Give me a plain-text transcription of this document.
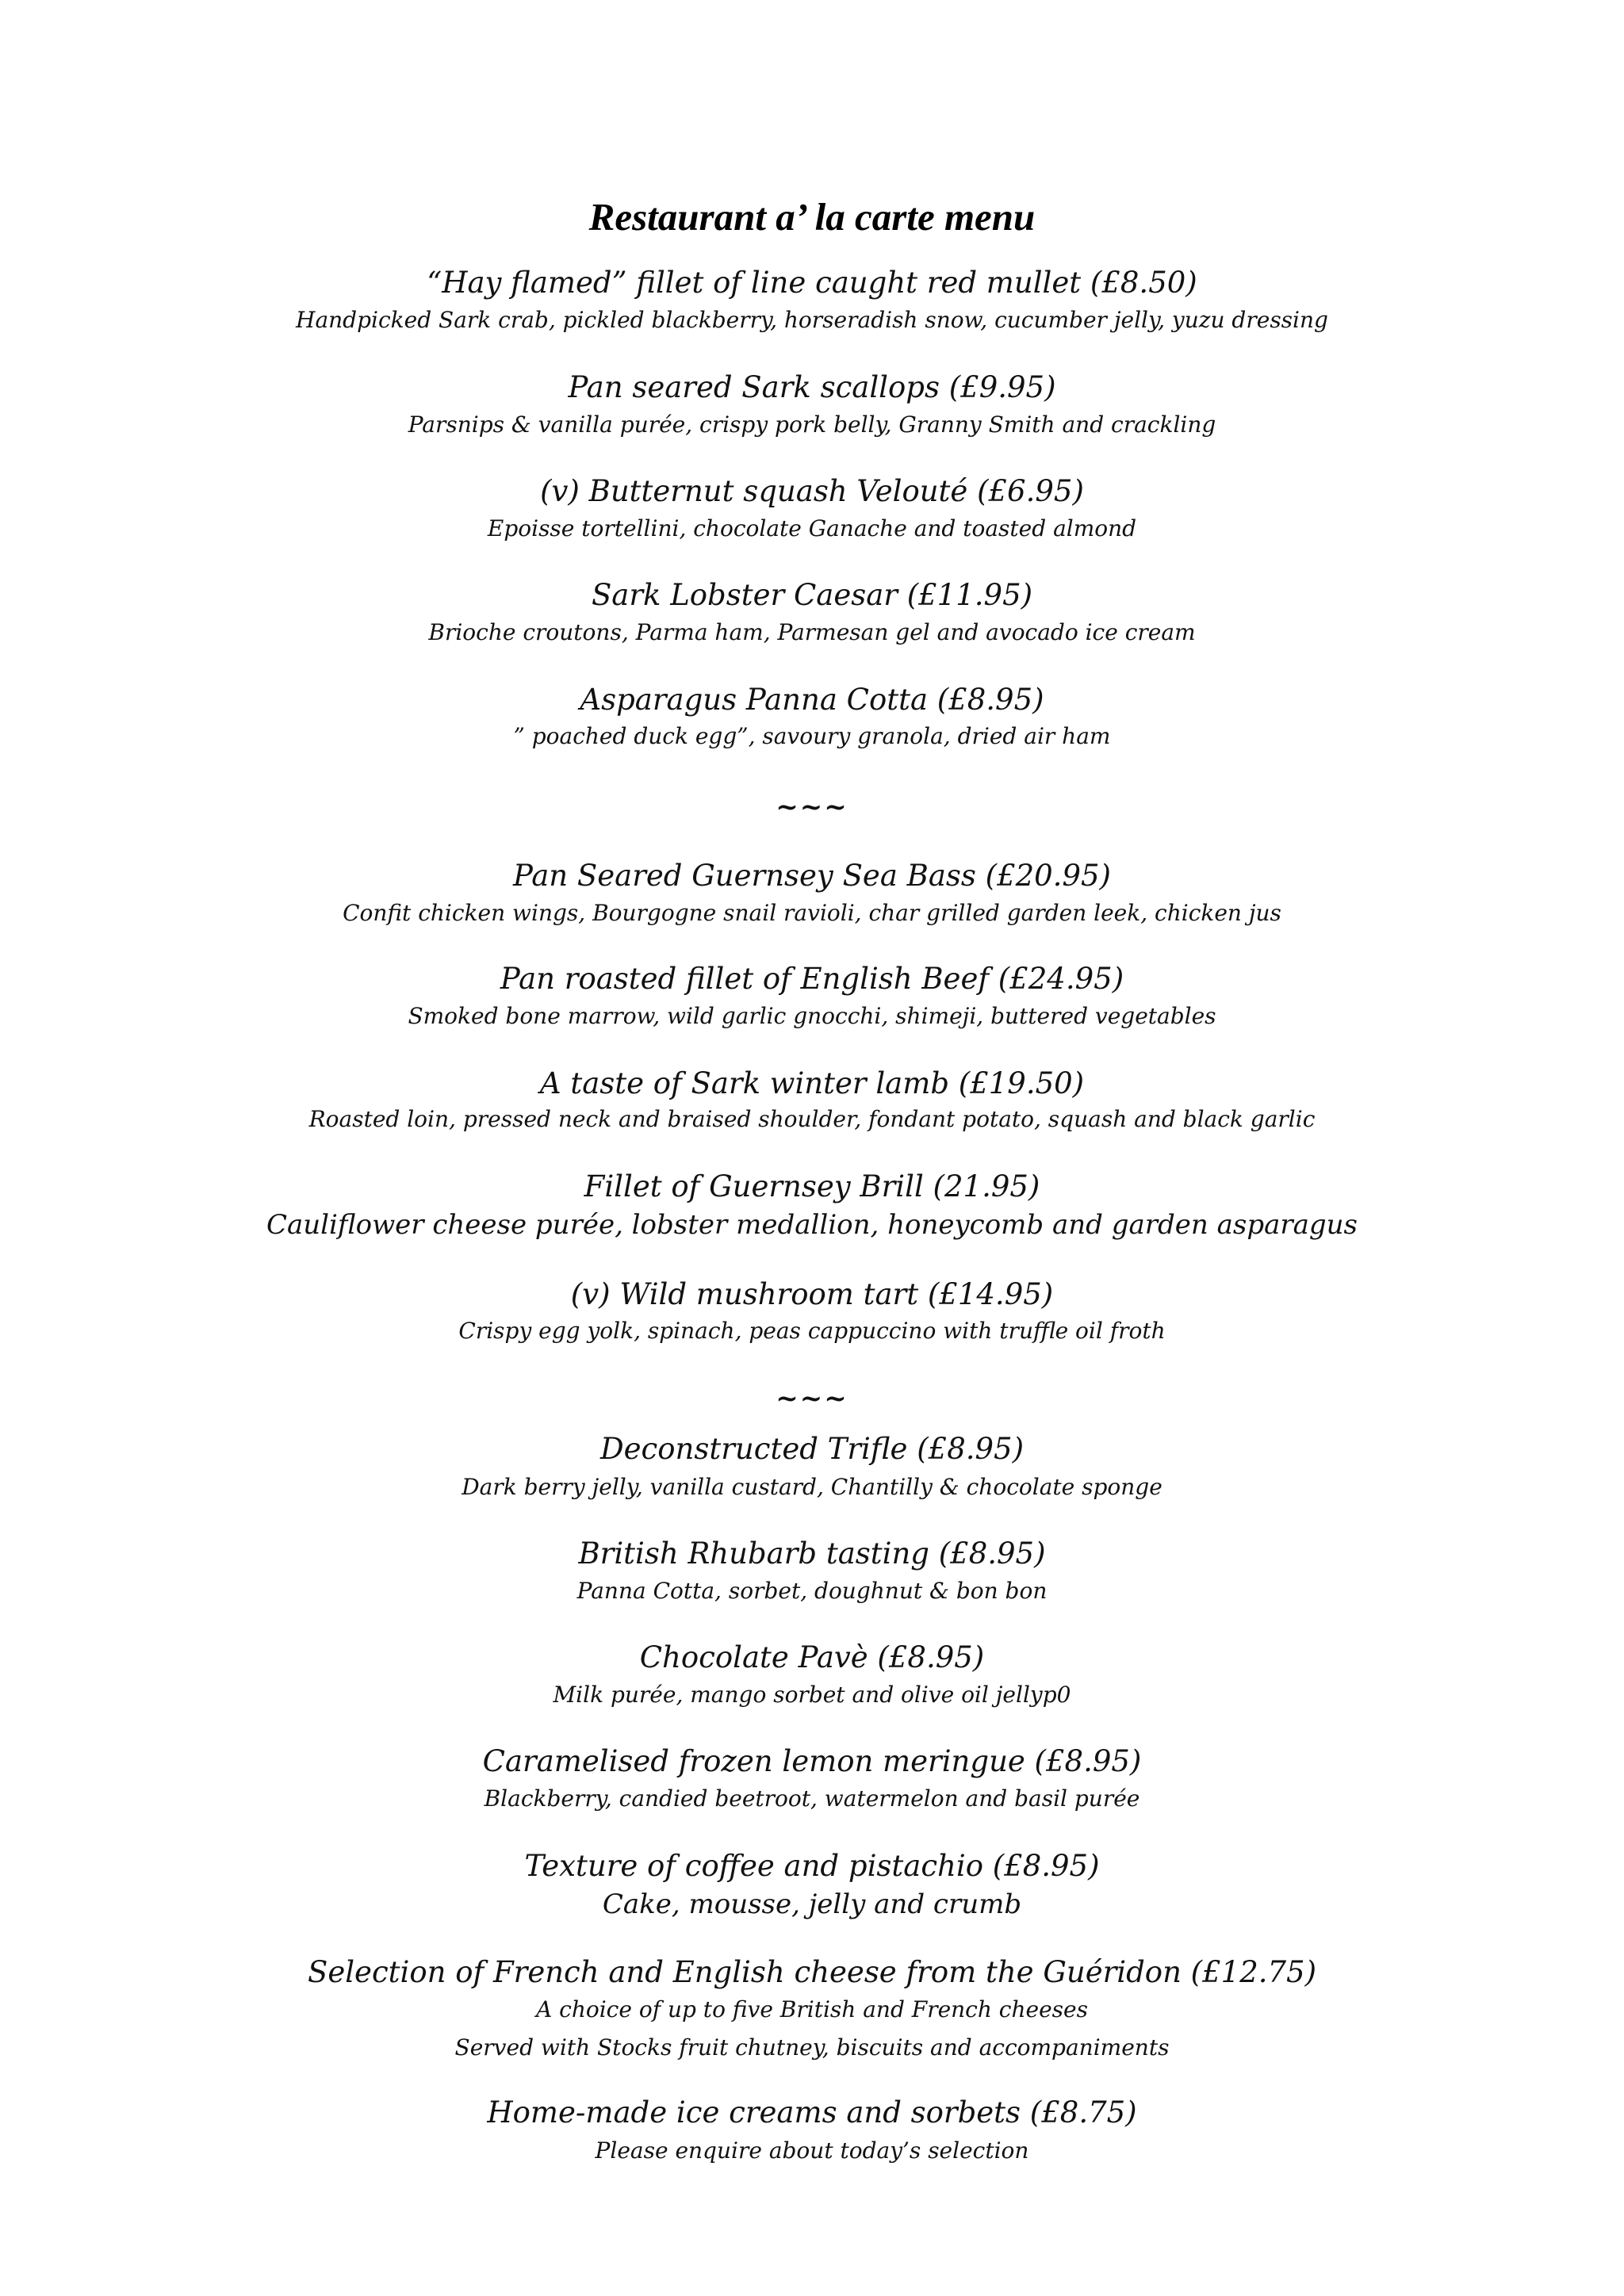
Restaurant a’ la carte menu
“Hay flamed” fillet of line caught red mullet (£8.50)
Handpicked Sark crab, pickled blackberry, horseradish snow, cucumber jelly, yuzu dressing
Pan seared Sark scallops (£9.95)
Parsnips & vanilla purée, crispy pork belly, Granny Smith and crackling
(v) Butternut squash Velouté (£6.95)
Epoisse tortellini, chocolate Ganache and toasted almond
Sark Lobster Caesar (£11.95)
Brioche croutons, Parma ham, Parmesan gel and avocado ice cream
Asparagus Panna Cotta (£8.95)
” poached duck egg”, savoury granola, dried air ham
~~~
Pan Seared Guernsey Sea Bass (£20.95)
Confit chicken wings, Bourgogne snail ravioli, char grilled garden leek, chicken jus
Pan roasted fillet of English Beef (£24.95)
Smoked bone marrow, wild garlic gnocchi, shimeji, buttered vegetables
A taste of Sark winter lamb (£19.50)
Roasted loin, pressed neck and braised shoulder, fondant potato, squash and black garlic
Fillet of Guernsey Brill (21.95)
Cauliflower cheese purée, lobster medallion, honeycomb and garden asparagus
(v) Wild mushroom tart (£14.95)
Crispy egg yolk, spinach, peas cappuccino with truffle oil froth
~~~
Deconstructed Trifle (£8.95)
Dark berry jelly, vanilla custard, Chantilly & chocolate sponge
British Rhubarb tasting (£8.95)
Panna Cotta, sorbet, doughnut & bon bon
Chocolate Pavè (£8.95)
Milk purée, mango sorbet and olive oil jellyp0
Caramelised frozen lemon meringue (£8.95)
Blackberry, candied beetroot, watermelon and basil purée
Texture of coffee and pistachio (£8.95)
Cake, mousse, jelly and crumb
Selection of French and English cheese from the Guéridon (£12.75)
A choice of up to five British and French cheeses
Served with Stocks fruit chutney, biscuits and accompaniments
Home-made ice creams and sorbets (£8.75)
Please enquire about today’s selection
